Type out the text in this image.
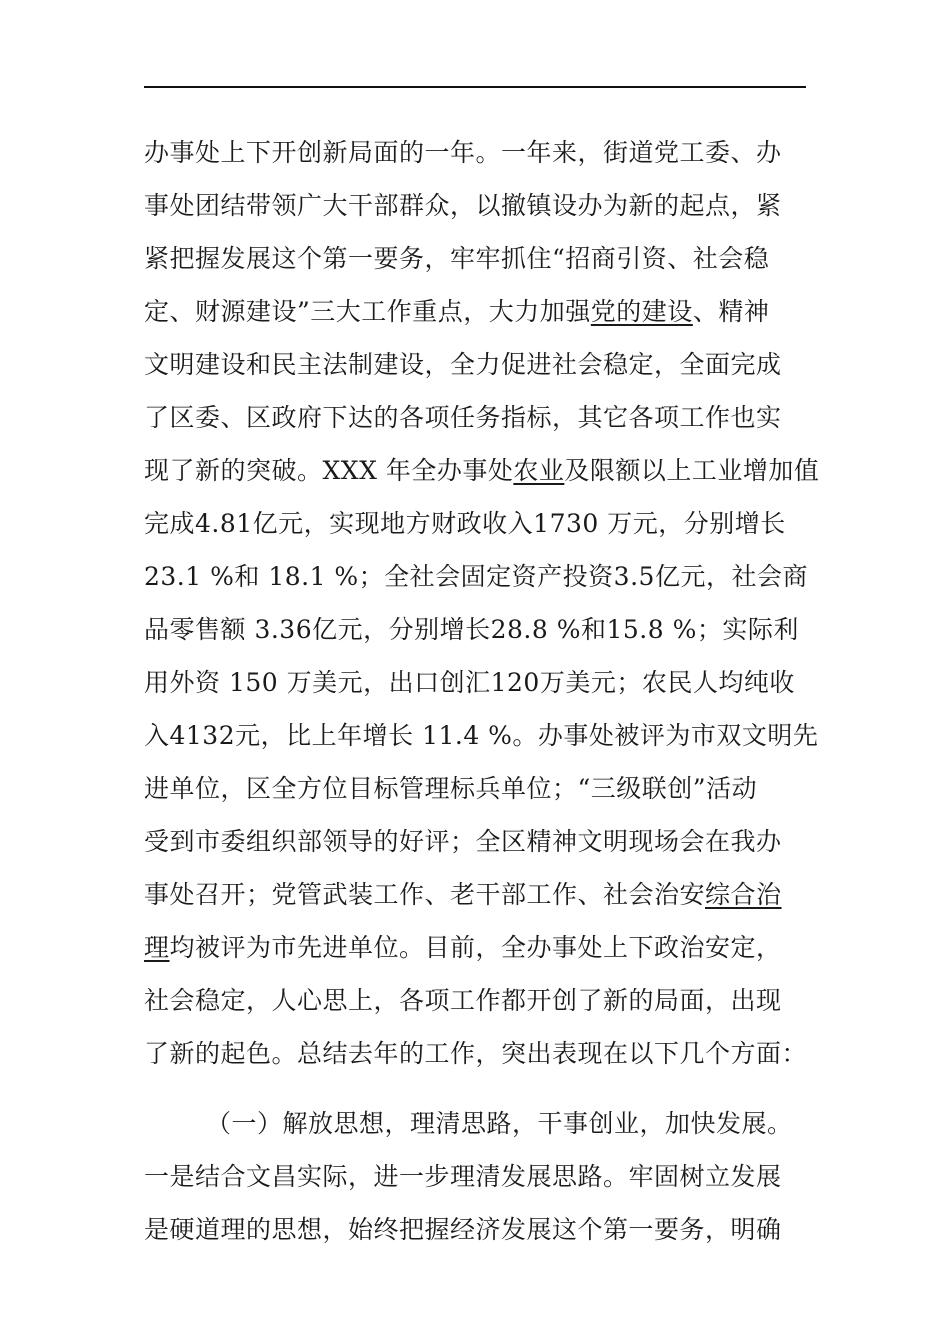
办事处上下开创新局面的一年。一年来，街道党工委、办
事处团结带领广大干部群众，以撤镇设办为新的起点，紧
紧把握发展这个第一要务，牢牢抓住“招商引资、社会稳
定、财源建设”三大工作重点，大力加强党的建设、精神
文明建设和民主法制建设，全力促进社会稳定，全面完成
了区委、区政府下达的各项任务指标，其它各项工作也实
现了新的突破。XXX 年全办事处农业及限额以上工业增加值
完成4.81亿元，实现地方财政收入1730 万元，分别增长
23.1 %和 18.1 %；全社会固定资产投资3.5亿元，社会商
品零售额 3.36亿元，分别增长28.8 %和15.8 %；实际利
用外资 150 万美元，出口创汇120万美元；农民人均纯收
入4132元，比上年增长 11.4 %。办事处被评为市双文明先
进单位，区全方位目标管理标兵单位；“三级联创”活动
受到市委组织部领导的好评；全区精神文明现场会在我办
事处召开；党管武装工作、老干部工作、社会治安综合治
理均被评为市先进单位。目前，全办事处上下政治安定，
社会稳定，人心思上，各项工作都开创了新的局面，出现
了新的起色。总结去年的工作，突出表现在以下几个方面：
（一）解放思想，理清思路，干事创业，加快发展。
一是结合文昌实际，进一步理清发展思路。牢固树立发展
是硬道理的思想，始终把握经济发展这个第一要务，明确
